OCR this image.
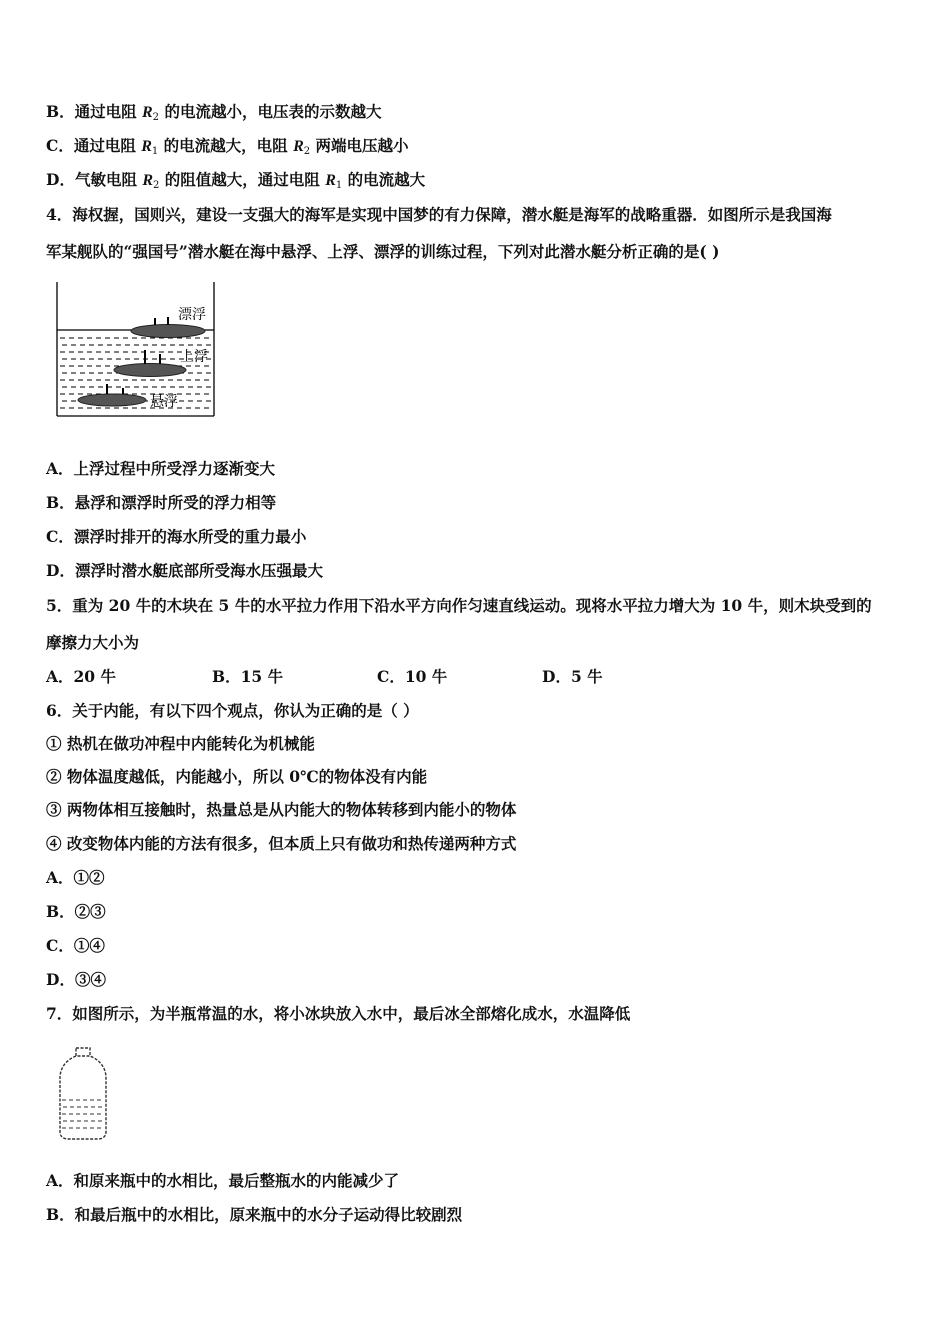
B．通过电阻 $R_2$ 的电流越小，电压表的示数越大
C．通过电阻 $R_1$ 的电流越大，电阻 $R_2$ 两端电压越小
D．气敏电阻 $R_2$ 的阻值越大，通过电阻 $R_1$ 的电流越大
4．海权握，国则兴，建设一支强大的海军是实现中国梦的有力保障，潜水艇是海军的战略重器．如图所示是我国海
军某舰队的“强国号”潜水艇在海中悬浮、上浮、漂浮的训练过程，下列对此潜水艇分析正确的是( )
漂浮
上浮
悬浮
A．上浮过程中所受浮力逐渐变大
B．悬浮和漂浮时所受的浮力相等
C．漂浮时排开的海水所受的重力最小
D．漂浮时潜水艇底部所受海水压强最大
5．重为 20 牛的木块在 5 牛的水平拉力作用下沿水平方向作匀速直线运动。现将水平拉力增大为 10 牛，则木块受到的
摩擦力大小为
A．20 牛	B．15 牛	C．10 牛	D．5 牛
6．关于内能，有以下四个观点，你认为正确的是（ ）
① 热机在做功冲程中内能转化为机械能
② 物体温度越低，内能越小，所以 0℃的物体没有内能
③ 两物体相互接触时，热量总是从内能大的物体转移到内能小的物体
④ 改变物体内能的方法有很多，但本质上只有做功和热传递两种方式
A．①②
B．②③
C．①④
D．③④
7．如图所示，为半瓶常温的水，将小冰块放入水中，最后冰全部熔化成水，水温降低
A．和原来瓶中的水相比，最后整瓶水的内能减少了
B．和最后瓶中的水相比，原来瓶中的水分子运动得比较剧烈
